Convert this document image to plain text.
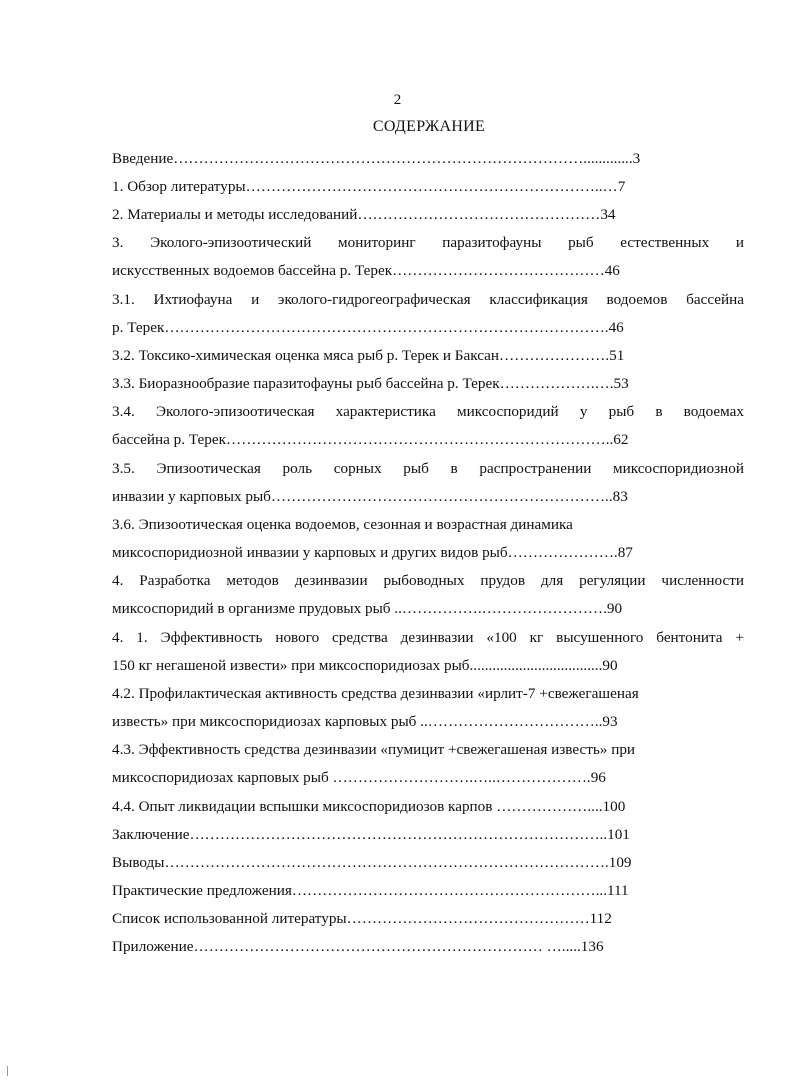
2
СОДЕРЖАНИЕ
Введение……………………………………………………………………….............3
1. Обзор литературы……………………………………………………………..…7
2. Материалы и методы исследований…………………………………………34
3. Эколого-эпизоотический мониторинг паразитофауны рыб естественных и
искусственных водоемов бассейна р. Терек……………………………………46
3.1. Ихтиофауна и эколого-гидрогеографическая классификация водоемов бассейна
р. Терек…………………………………………………………………………….46
3.2. Токсико-химическая оценка мяса рыб р. Терек и Баксан………………….51
3.3. Биоразнообразие паразитофауны рыб бассейна р. Терек……………….….53
3.4. Эколого-эпизоотическая характеристика миксоспоридий у рыб в водоемах
бассейна р. Терек…………………………………………………………………..62
3.5. Эпизоотическая роль сорных рыб в распространении миксоспоридиозной
инвазии у карповых рыб…………………………………………………………..83
3.6. Эпизоотическая оценка водоемов, сезонная и возрастная динамика
миксоспоридиозной инвазии у карповых и других видов рыб………………….87
4. Разработка методов дезинвазии рыбоводных прудов для регуляции численности
миксоспоридий в организме прудовых рыб ..…………….…………………….90
4. 1. Эффективность нового средства дезинвазии «100 кг высушенного бентонита +
150 кг негашеной извести» при миксоспоридиозах рыб...................................90
4.2. Профилактическая активность средства дезинвазии «ирлит-7 +свежегашеная
известь» при миксоспоридиозах карповых рыб ..……………………………..93
4.3. Эффективность средства дезинвазии «пумицит +свежегашеная известь» при
миксоспоридиозах карповых рыб ……………………….…..……………….96
4.4. Опыт ликвидации вспышки миксоспоридиозов карпов ………………....100
Заключение………………………………………………………………………..101
Выводы…………………………………………………………………………….109
Практические предложения……………………………………………………...111
Список использованной литературы…………………………………………112
Приложение…………………………………………………………… ….....136
